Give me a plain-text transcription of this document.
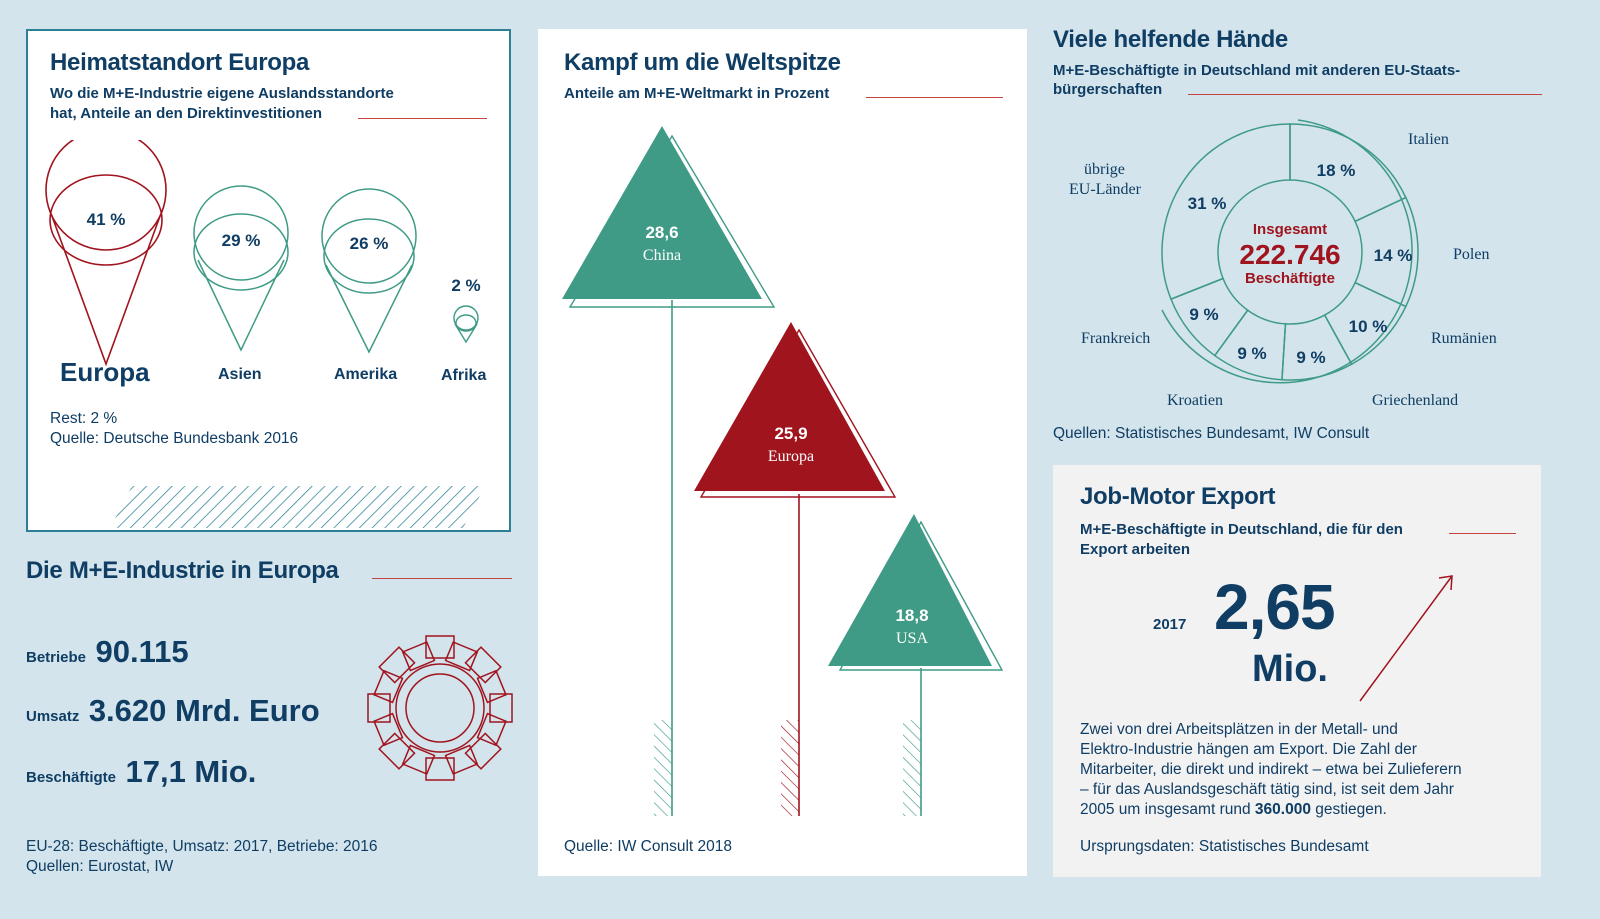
Heimatstandort Europa
Wo die M+E-Industrie eigene Auslandsstandorte
hat, Anteile an den Direktinvestitionen
41 %
29 %	26 %
2 %
Europa	Asien	Amerika	Afrika
Rest: 2 %
Quelle: Deutsche Bundesbank 2016
Die M+E-Industrie in Europa
Betriebe 90.115
Umsatz 3.620 Mrd. Euro
Beschäftigte 17,1 Mio.
EU-28: Beschäftigte, Umsatz: 2017, Betriebe: 2016
Quellen: Eurostat, IW
Kampf um die Weltspitze
Anteile am M+E-Weltmarkt in Prozent
28,6
China
25,9
Europa
18,8
USA
Quelle: IW Consult 2018
Viele helfende Hände
M+E-Beschäftigte in Deutschland mit anderen EU-Staats-
bürgerschaften
Insgesamt
222.746
Beschäftigte
18 %
14 %
10 %
9 %
9 %
9 %
31 %
Italien
Polen
Rumänien
Griechenland
Kroatien
Frankreich
übrige
EU-Länder
Quellen: Statistisches Bundesamt, IW Consult
Job-Motor Export
M+E-Beschäftigte in Deutschland, die für den
Export arbeiten
2017 2,65
Mio.
Zwei von drei Arbeitsplätzen in der Metall- und
Elektro-Industrie hängen am Export. Die Zahl der
Mitarbeiter, die direkt und indirekt – etwa bei Zulieferern
– für das Auslandsgeschäft tätig sind, ist seit dem Jahr
2005 um insgesamt rund 360.000 gestiegen.
Ursprungsdaten: Statistisches Bundesamt
